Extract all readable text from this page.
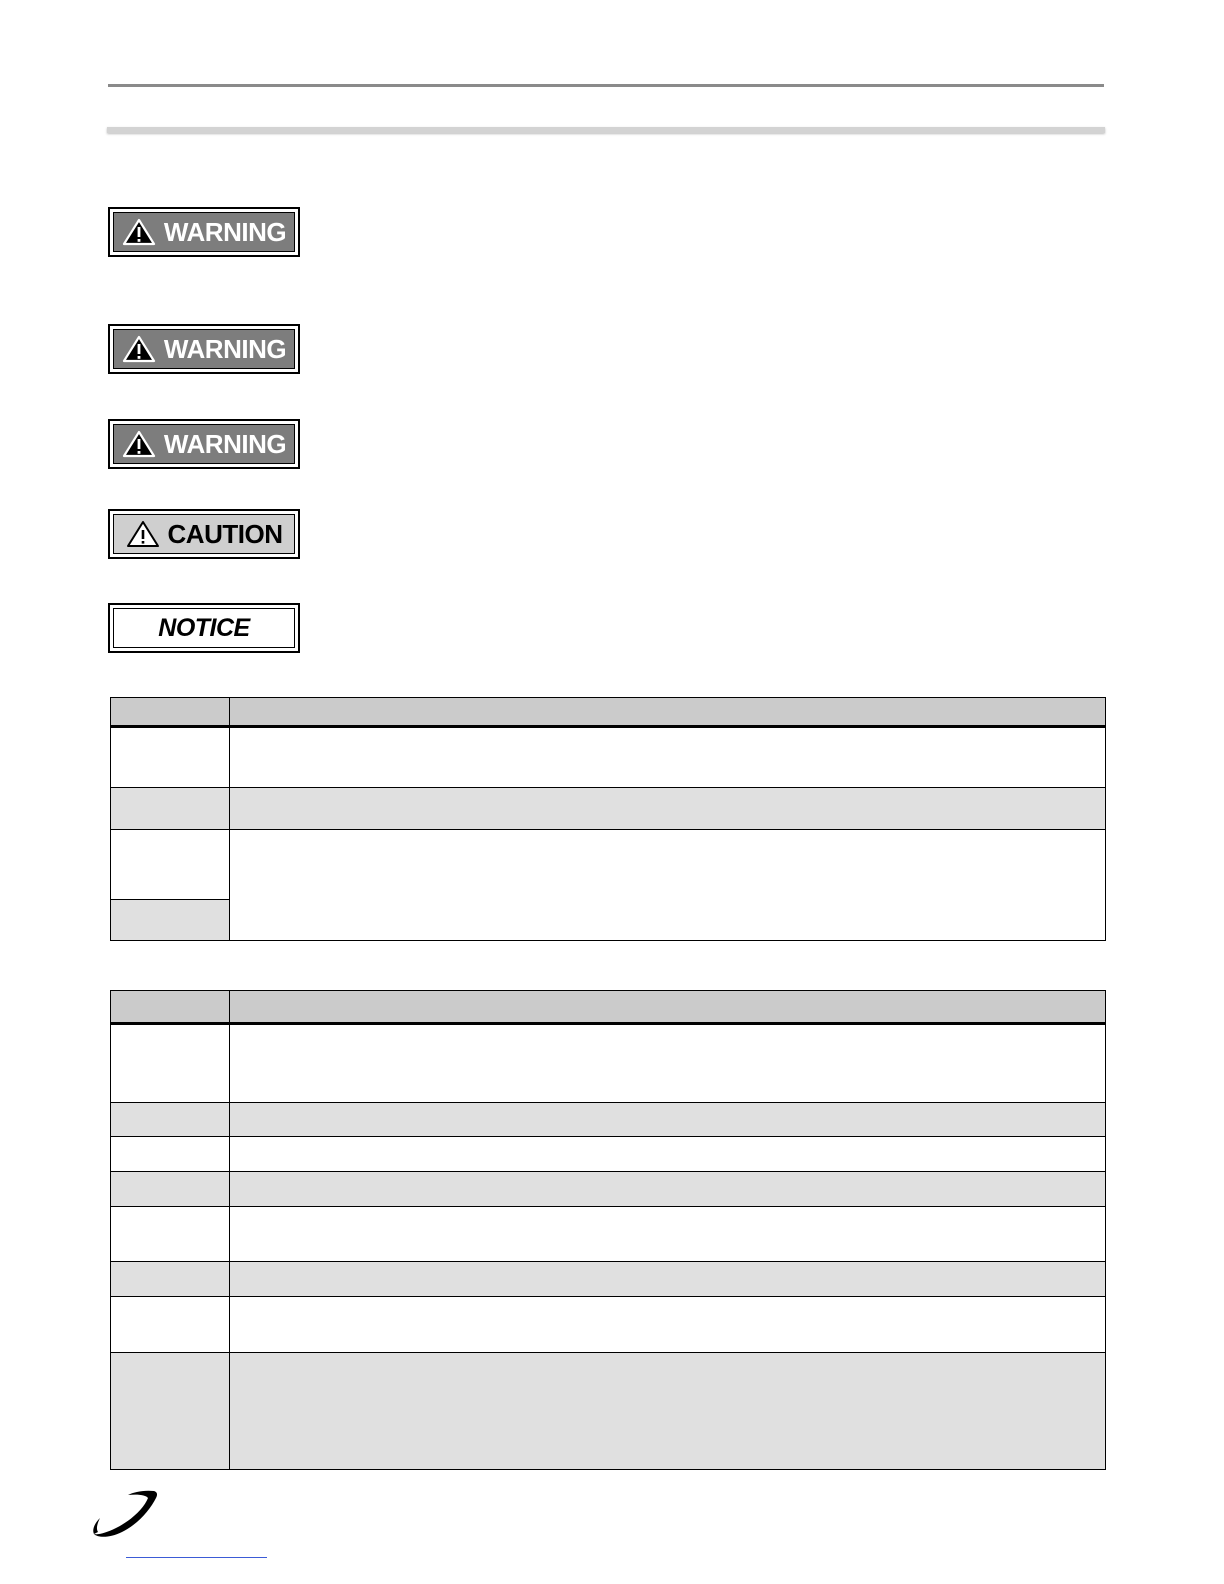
WARNING
WARNING
WARNING
CAUTION
NOTICE
